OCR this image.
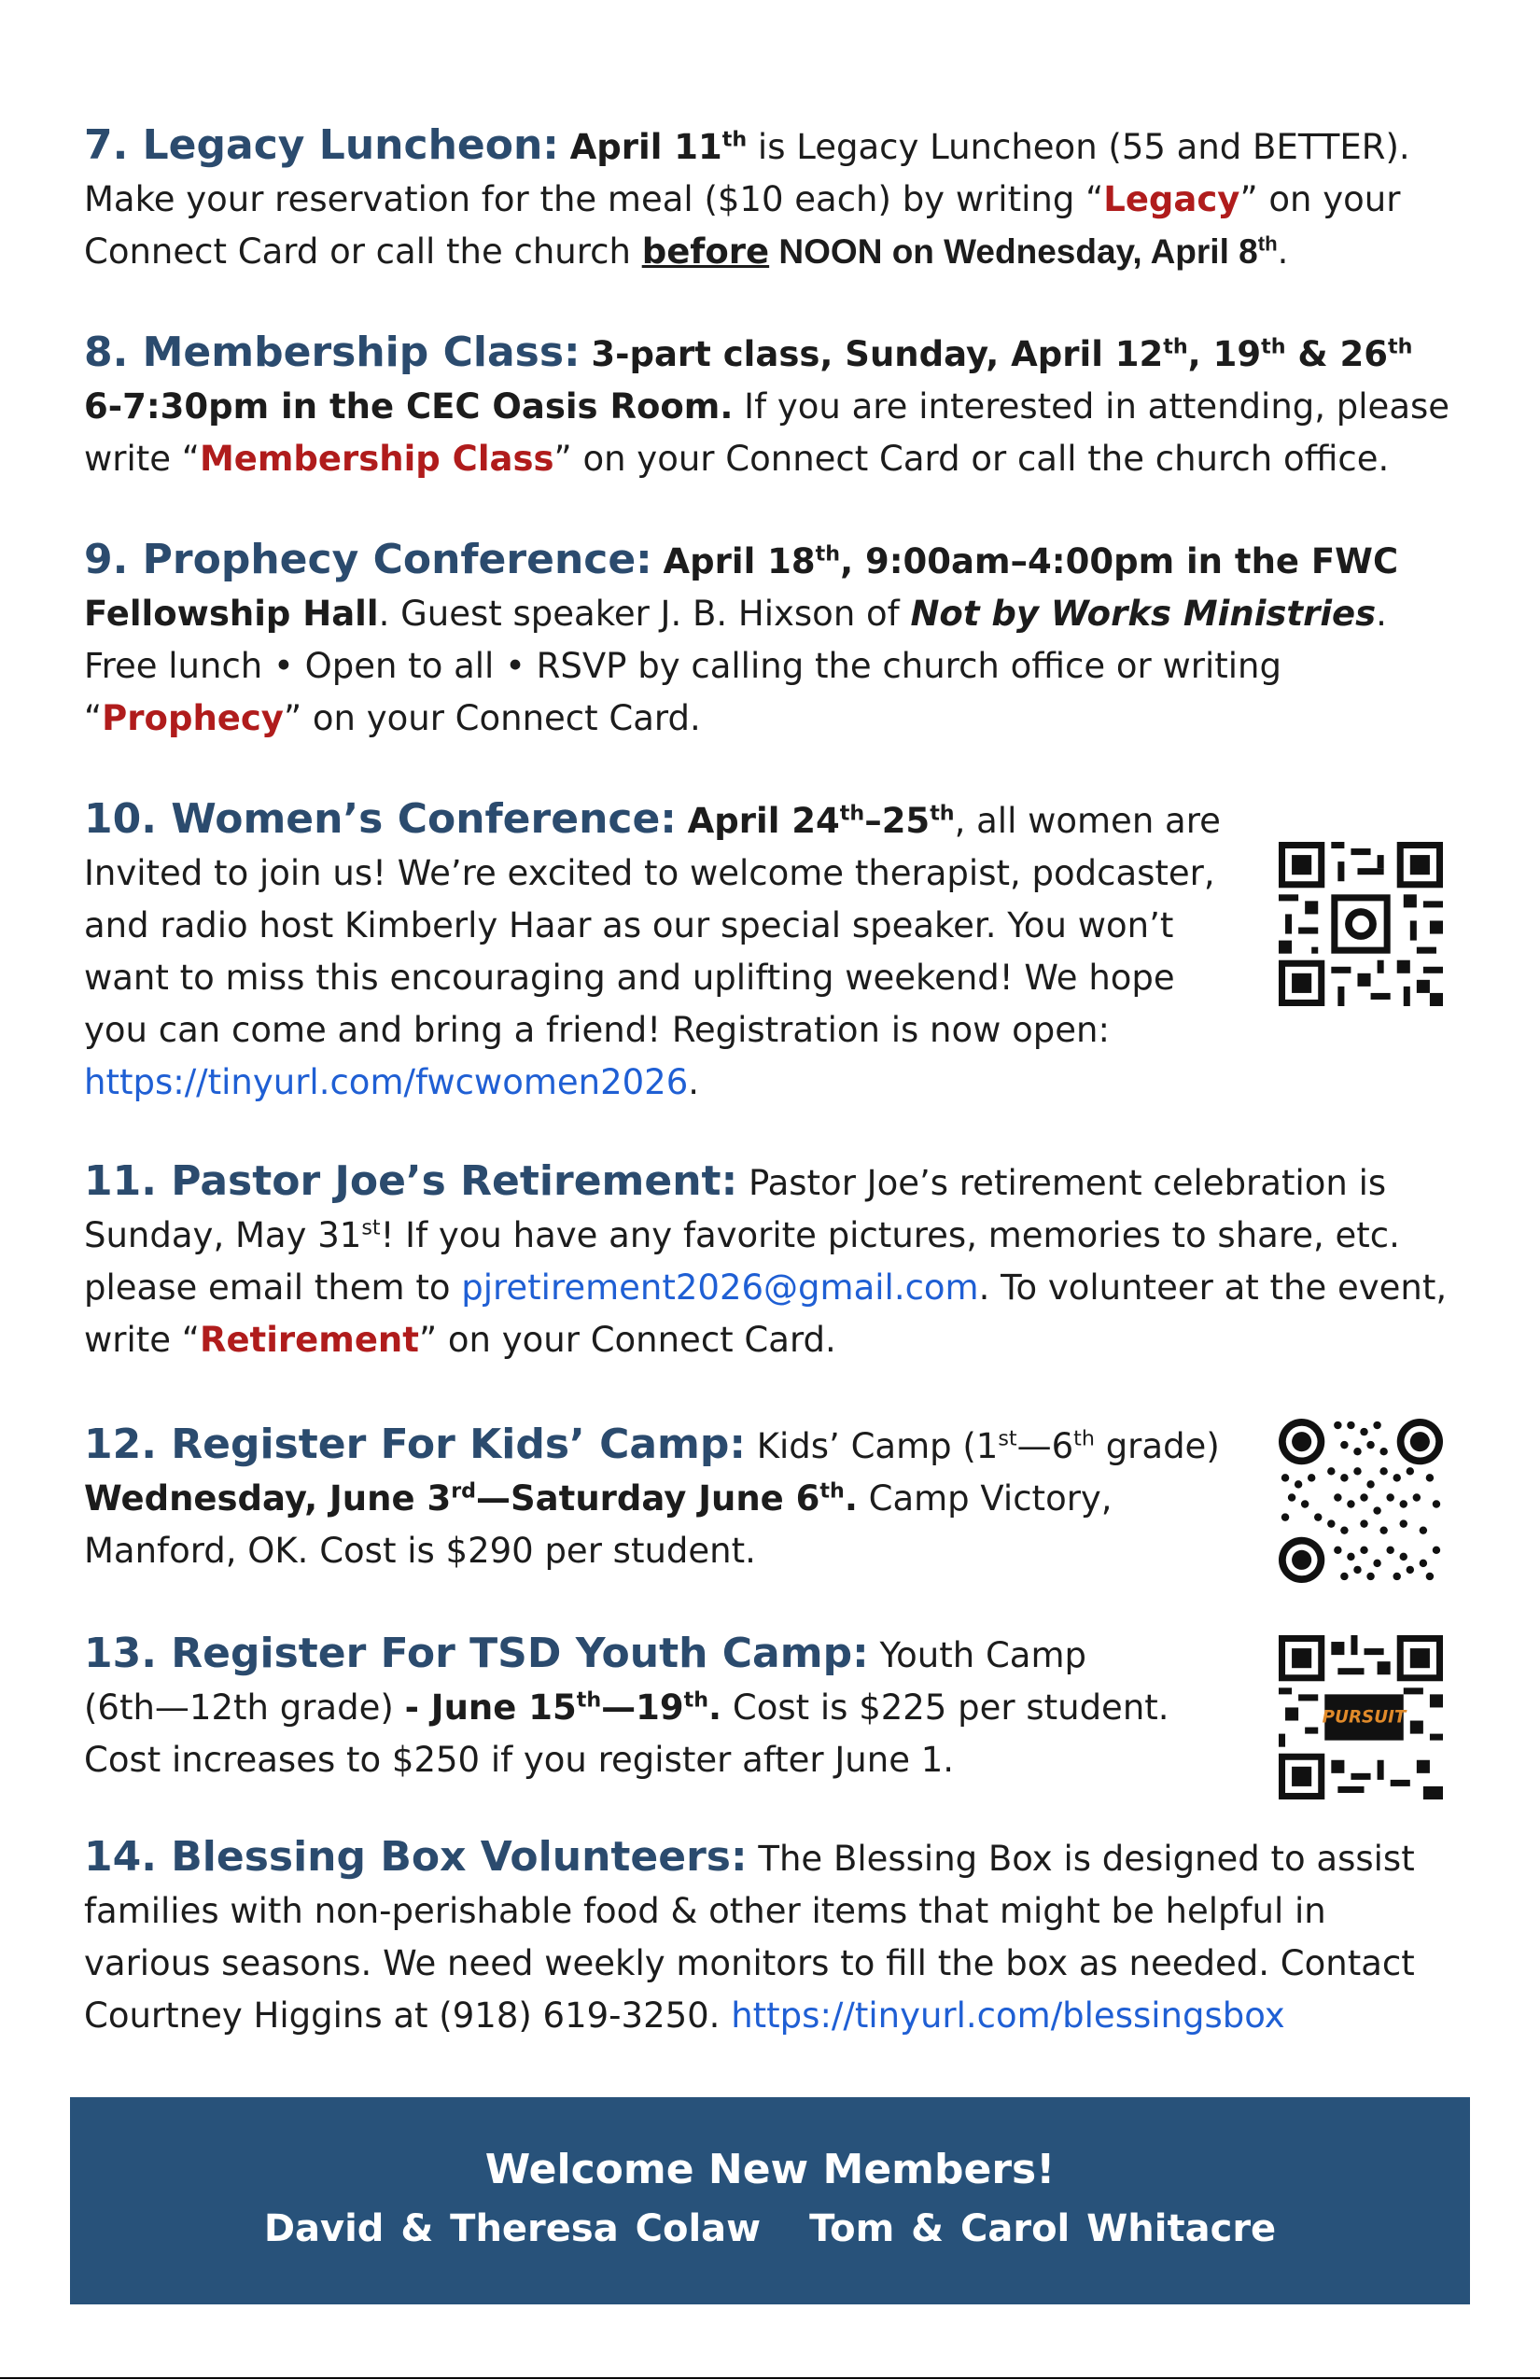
7. Legacy Luncheon: April 11th is Legacy Luncheon (55 and BETTER).
Make your reservation for the meal ($10 each) by writing “Legacy” on your
Connect Card or call the church before NOON on Wednesday, April 8th.
8. Membership Class: 3-part class, Sunday, April 12th, 19th & 26th
6-7:30pm in the CEC Oasis Room. If you are interested in attending, please
write “Membership Class” on your Connect Card or call the church office.
9. Prophecy Conference: April 18th, 9:00am–4:00pm in the FWC
Fellowship Hall. Guest speaker J. B. Hixson of Not by Works Ministries.
Free lunch • Open to all • RSVP by calling the church office or writing
“Prophecy” on your Connect Card.
10. Women’s Conference: April 24th–25th, all women are
Invited to join us! We’re excited to welcome therapist, podcaster,
and radio host Kimberly Haar as our special speaker. You won’t
want to miss this encouraging and uplifting weekend! We hope
you can come and bring a friend! Registration is now open:
https://tinyurl.com/fwcwomen2026.
11. Pastor Joe’s Retirement: Pastor Joe’s retirement celebration is
Sunday, May 31st! If you have any favorite pictures, memories to share, etc.
please email them to pjretirement2026@gmail.com. To volunteer at the event,
write “Retirement” on your Connect Card.
12. Register For Kids’ Camp: Kids’ Camp (1st—6th grade)
Wednesday, June 3rd—Saturday June 6th. Camp Victory,
Manford, OK. Cost is $290 per student.
13. Register For TSD Youth Camp: Youth Camp
(6th—12th grade) - June 15th—19th. Cost is $225 per student.
Cost increases to $250 if you register after June 1.
PURSUIT
14. Blessing Box Volunteers: The Blessing Box is designed to assist
families with non-perishable food & other items that might be helpful in
various seasons. We need weekly monitors to fill the box as needed. Contact
Courtney Higgins at (918) 619-3250. https://tinyurl.com/blessingsbox
Welcome New Members!
David & Theresa Colaw Tom & Carol Whitacre
